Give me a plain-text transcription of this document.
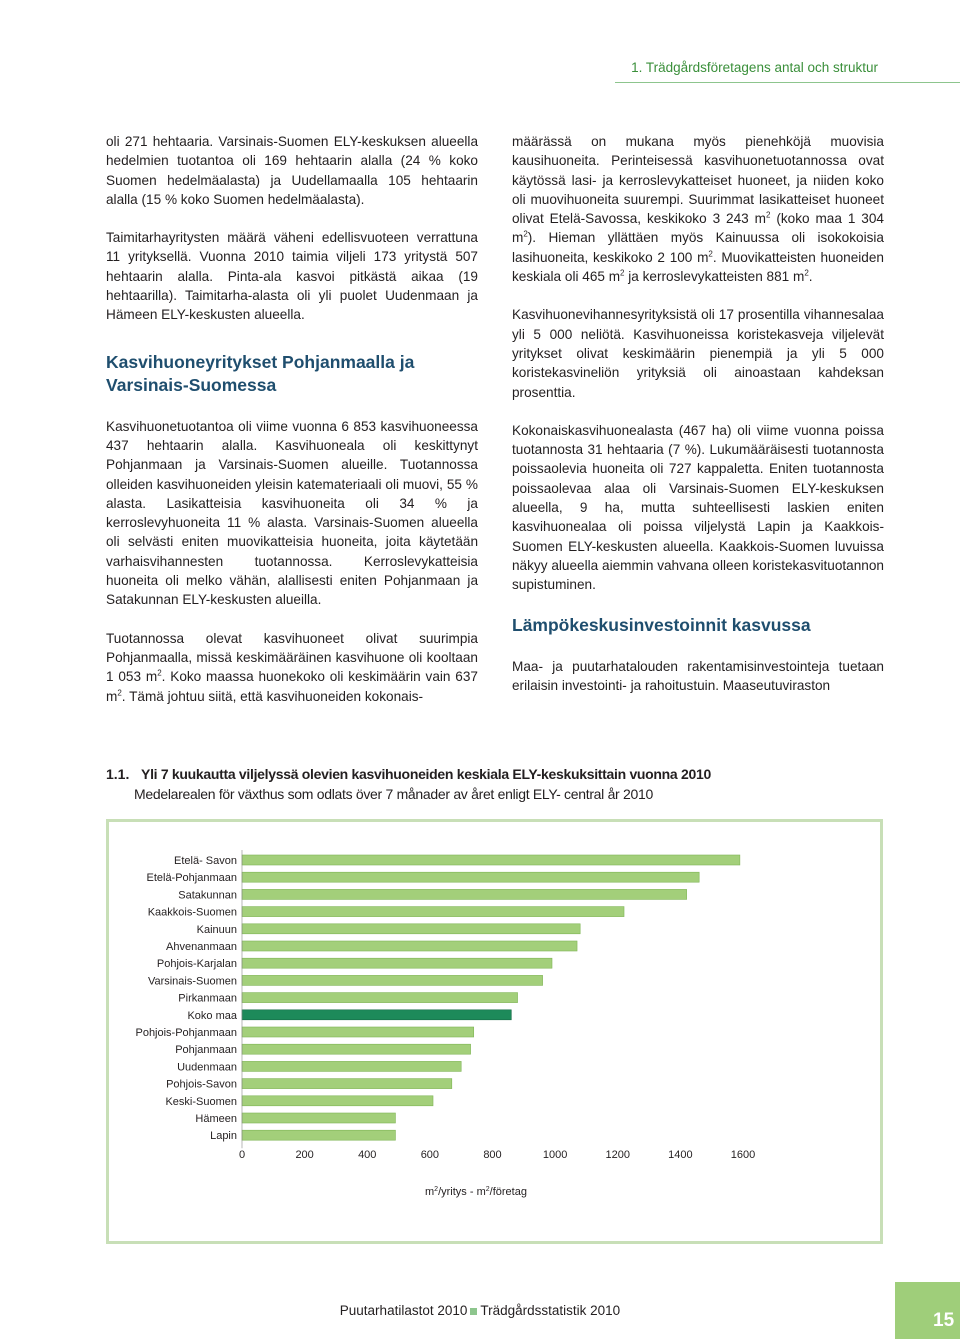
1. Trädgårdsföretagens antal och struktur

oli 271 hehtaaria. Varsinais-Suomen ELY-keskuksen alueella hedelmien tuotantoa oli 169 hehtaarin alalla (24 % koko Suomen hedelmäalasta) ja Uudellamaalla 105 hehtaarin alalla (15 % koko Suomen hedelmäalasta).

Taimitarhayritysten määrä väheni edellisvuoteen verrattuna 11 yrityksellä. Vuonna 2010 taimia viljeli 173 yritystä 507 hehtaarin alalla. Pinta-ala kasvoi pitkästä aikaa (19 hehtaarilla). Taimitarha-alasta oli yli puolet Uudenmaan ja Hämeen ELY-keskusten alueella.

Kasvihuoneyritykset Pohjanmaalla ja Varsinais-Suomessa

Kasvihuonetuotantoa oli viime vuonna 6 853 kasvihuoneessa 437 hehtaarin alalla. Kasvihuoneala oli keskittynyt Pohjanmaan ja Varsinais-Suomen alueille. Tuotannossa olleiden kasvihuoneiden yleisin katemateriaali oli muovi, 55 % alasta. Lasikatteisia kasvihuoneita oli 34 % ja kerroslevyhuoneita 11 % alasta. Varsinais-Suomen alueella oli selvästi eniten muovikatteisia huoneita, joita käytetään varhaisvihannesten tuotannossa. Kerroslevykatteisia huoneita oli melko vähän, alallisesti eniten Pohjanmaan ja Satakunnan ELY-keskusten alueilla.

Tuotannossa olevat kasvihuoneet olivat suurimpia Pohjanmaalla, missä keskimääräinen kasvihuone oli kooltaan 1 053 $m^2$. Koko maassa huonekoko oli keskimäärin vain 637 $m^2$. Tämä johtuu siitä, että kasvihuoneiden kokonais-

määrässä on mukana myös pienehköjä muovisia kausihuoneita. Perinteisessä kasvihuonetuotannossa ovat käytössä lasi- ja kerroslevykatteiset huoneet, ja niiden koko oli muovihuoneita suurempi. Suurimmat lasikatteiset huoneet olivat Etelä-Savossa, keskikoko 3 243 $m^2$ (koko maa 1 304 $m^2$). Hieman yllättäen myös Kainuussa oli isokokoisia lasihuoneita, keskikoko 2 100 $m^2$. Muovikatteisten huoneiden keskiala oli 465 $m^2$ ja kerroslevykatteisten 881 $m^2$.

Kasvihuonevihannesyrityksistä oli 17 prosentilla vihannesalaa yli 5 000 neliötä. Kasvihuoneissa koristekasveja viljelevät yritykset olivat keskimäärin pienempiä ja yli 5 000 koristekasvineliön yrityksiä oli ainoastaan kahdeksan prosenttia.

Kokonaiskasvihuonealasta (467 ha) oli viime vuonna poissa tuotannosta 31 hehtaaria (7 %). Lukumääräisesti tuotannosta poissaolevia huoneita oli 727 kappaletta. Eniten tuotannosta poissaolevaa alaa oli Varsinais-Suomen ELY-keskuksen alueella, 9 ha, mutta suhteellisesti laskien eniten kasvihuonealaa oli poissa viljelystä Lapin ja Kaakkois-Suomen ELY-keskusten alueella. Kaakkois-Suomen luvuissa näkyy alueella aiemmin vahvana olleen koristekasvituotannon supistuminen.

Lämpökeskusinvestoinnit kasvussa

Maa- ja puutarhatalouden rakentamisinvestointeja tuetaan erilaisin investointi- ja rahoitustuin. Maaseutuviraston

1.1. Yli 7 kuukautta viljelyssä olevien kasvihuoneiden keskiala ELY-keskuksittain vuonna 2010
Medelarealen för växthus som odlats över 7 månader av året enligt ELY- central år 2010
Etelä- Savon
Etelä-Pohjanmaan
Satakunnan
Kaakkois-Suomen
Kainuun
Ahvenanmaan
Pohjois-Karjalan
Varsinais-Suomen
Pirkanmaan
Koko maa
Pohjois-Pohjanmaan
Pohjanmaan
Uudenmaan
Pohjois-Savon
Keski-Suomen
Hämeen
Lapin
0	200	400	600	800	1000	1200	1400	1600
$m^2$/yritys - $m^2$/företag
Puutarhatilastot 2010 Trädgårdsstatistik 2010	15
